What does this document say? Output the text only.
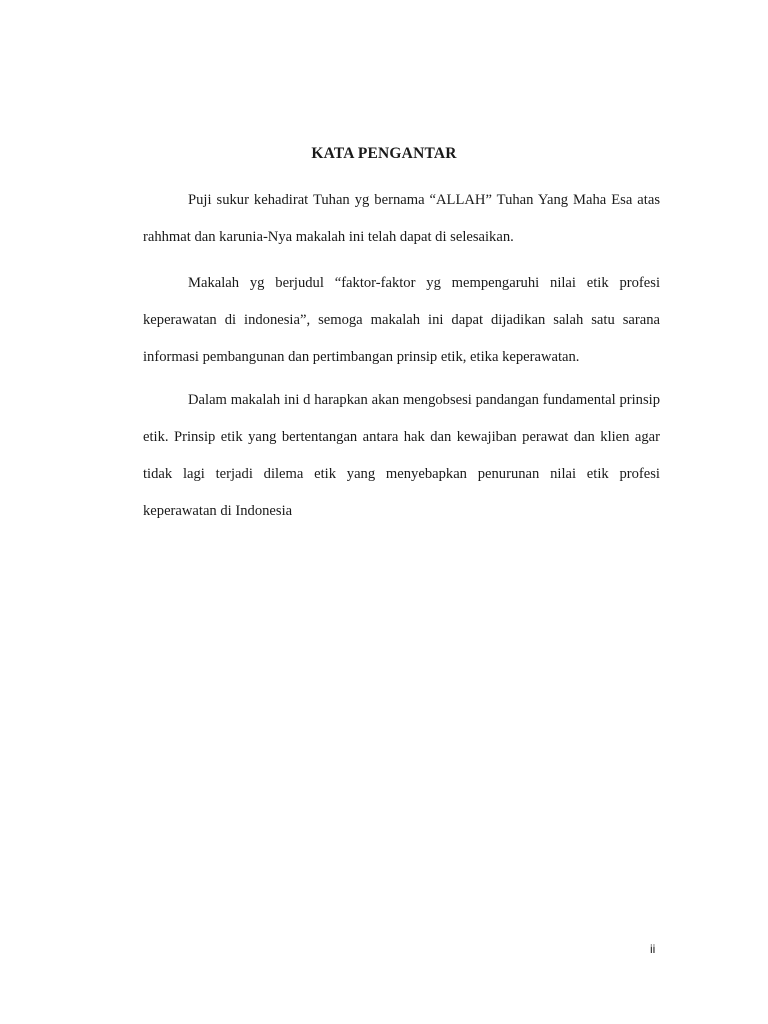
KATA PENGANTAR

Puji sukur kehadirat Tuhan yg bernama “ALLAH” Tuhan Yang Maha Esa atas rahhmat dan karunia-Nya makalah ini telah dapat di selesaikan.

Makalah yg berjudul “faktor-faktor yg mempengaruhi nilai etik profesi keperawatan di indonesia”, semoga makalah ini dapat dijadikan salah satu sarana informasi pembangunan dan pertimbangan prinsip etik, etika keperawatan.

Dalam makalah ini d harapkan akan mengobsesi pandangan fundamental prinsip etik. Prinsip etik yang bertentangan antara hak dan kewajiban perawat dan klien agar tidak lagi terjadi dilema etik yang menyebapkan penurunan nilai etik profesi keperawatan di Indonesia

ii
